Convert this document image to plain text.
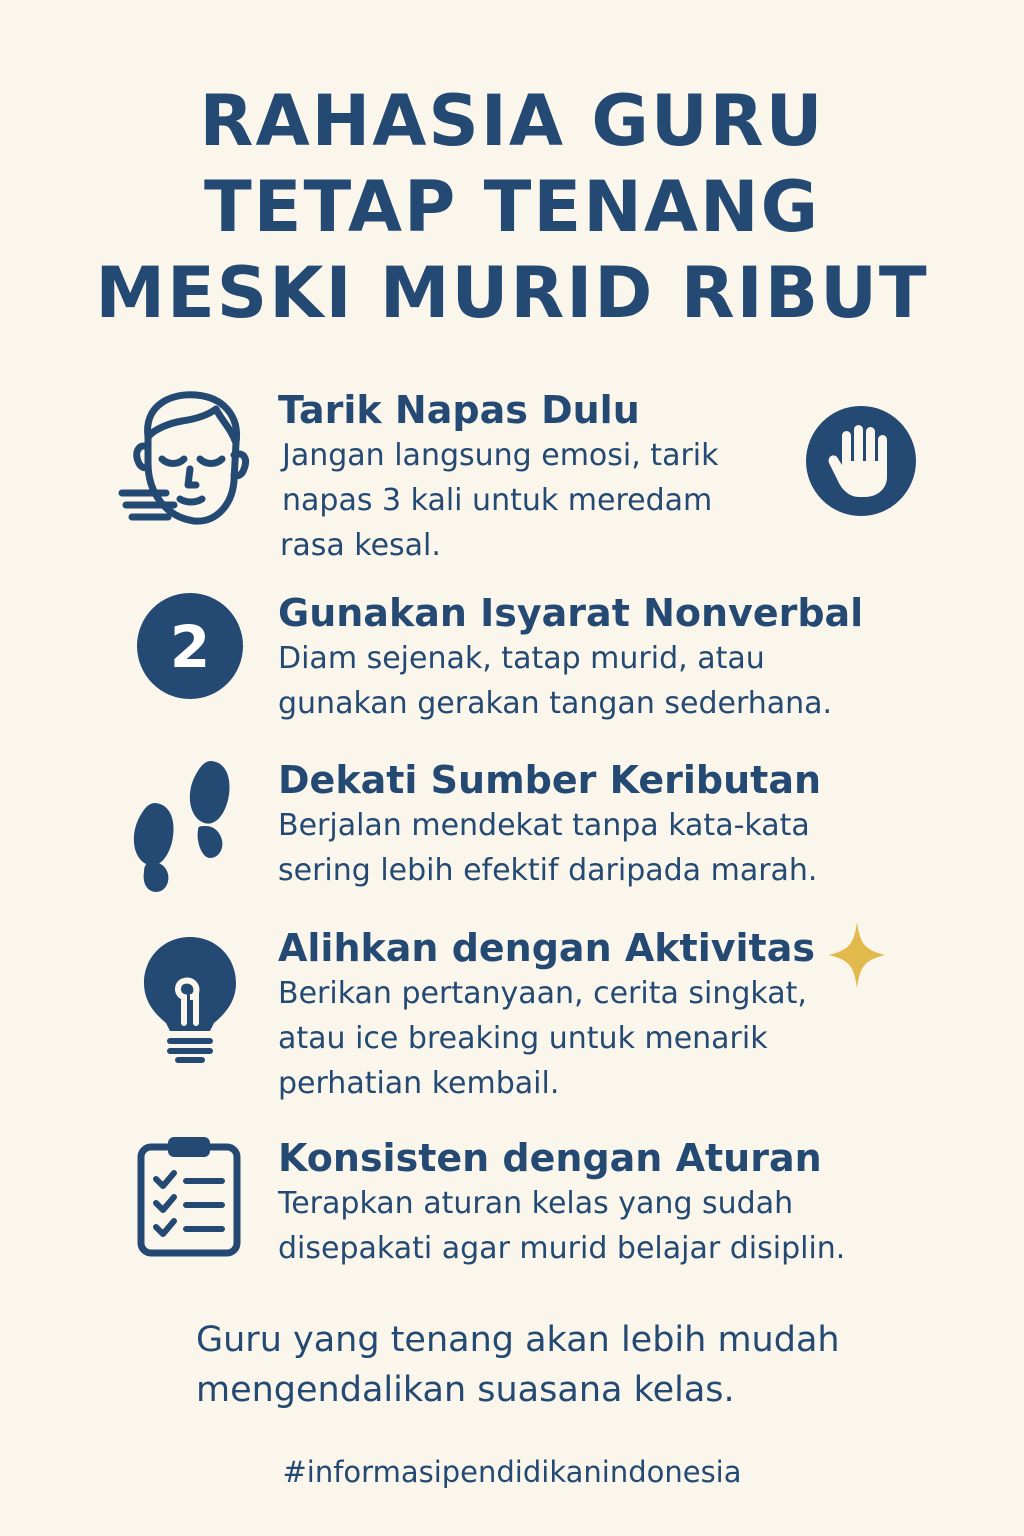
RAHASIA GURU
TETAP TENANG
MESKI MURID RIBUT
Tarik Napas Dulu

Jangan langsung emosi, tarik

napas 3 kali untuk meredam

rasa kesal.

2 Gunakan Isyarat Nonverbal

Diam sejenak, tatap murid, atau

gunakan gerakan tangan sederhana.

Dekati Sumber Keributan

Berjalan mendekat tanpa kata-kata

sering lebih efektif daripada marah.

Alihkan dengan Aktivitas

Berikan pertanyaan, cerita singkat,

atau ice breaking untuk menarik

perhatian kembail.

Konsisten dengan Aturan

Terapkan aturan kelas yang sudah

disepakati agar murid belajar disiplin.

Guru yang tenang akan lebih mudah
mengendalikan suasana kelas.

#informasipendidikanindonesia
